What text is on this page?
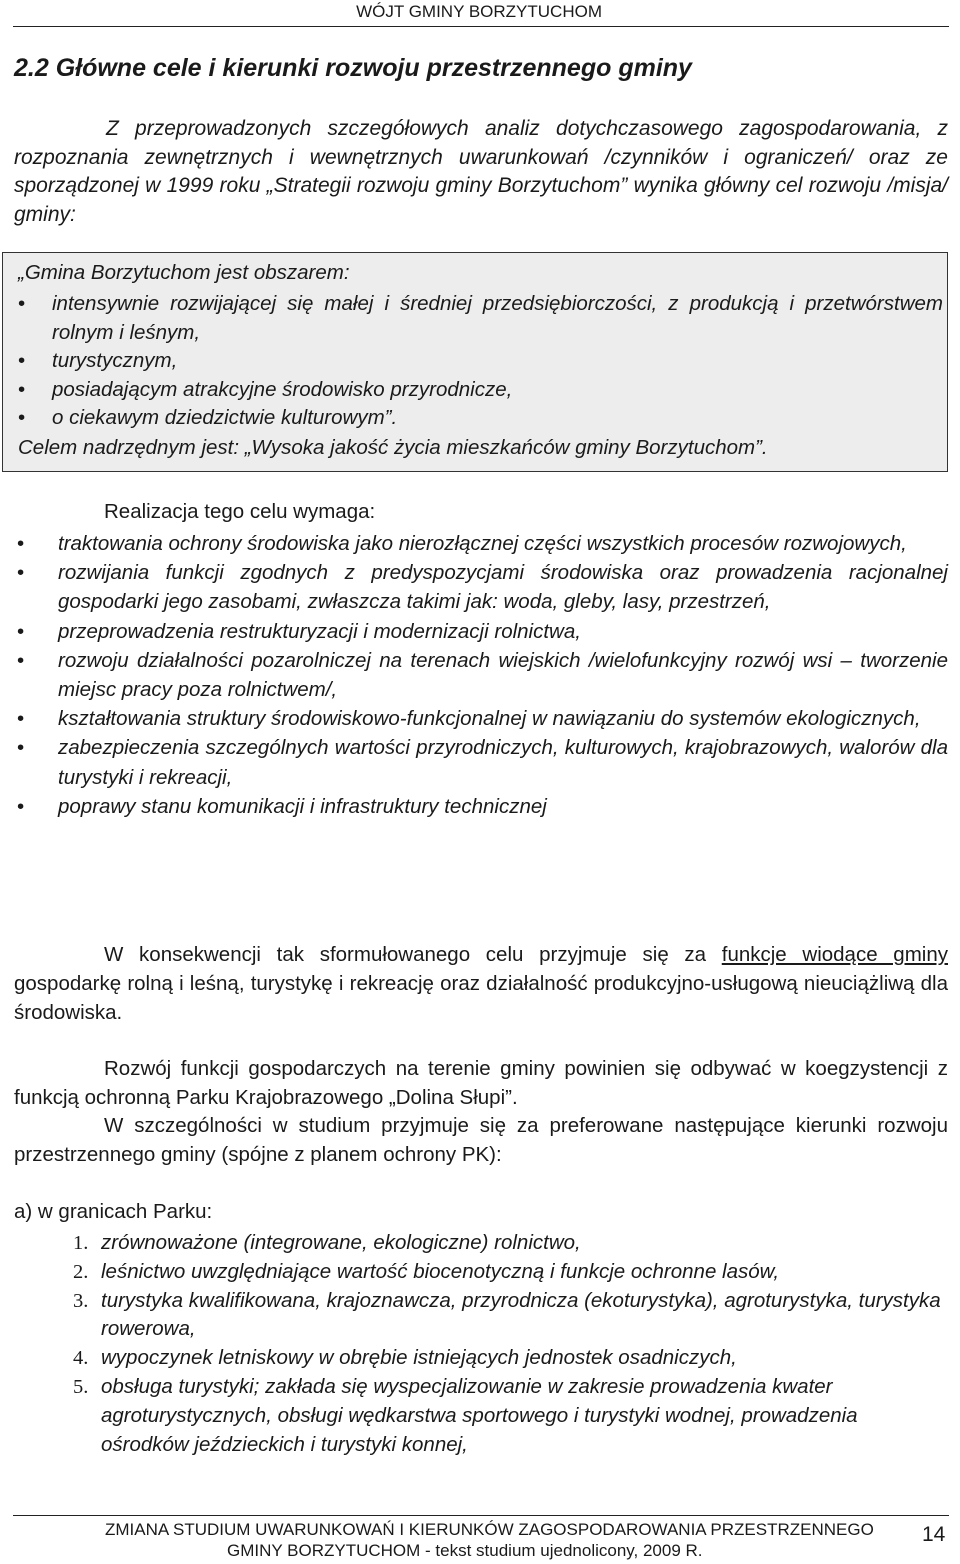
WÓJT GMINY BORZYTUCHOM
2.2 Główne cele i kierunki rozwoju przestrzennego gminy

Z przeprowadzonych szczegółowych analiz dotychczasowego zagospodarowania, z rozpoznania zewnętrznych i wewnętrznych uwarunkowań /czynników i ograniczeń/ oraz ze sporządzonej w 1999 roku „Strategii rozwoju gminy Borzytuchom” wynika główny cel rozwoju /misja/ gminy:

„Gmina Borzytuchom jest obszarem:
• intensywnie rozwijającej się małej i średniej przedsiębiorczości, z produkcją i przetwórstwem rolnym i leśnym,
• turystycznym,
• posiadającym atrakcyjne środowisko przyrodnicze,
• o ciekawym dziedzictwie kulturowym”.
Celem nadrzędnym jest: „Wysoka jakość życia mieszkańców gminy Borzytuchom”.
Realizacja tego celu wymaga:
• traktowania ochrony środowiska jako nierozłącznej części wszystkich procesów rozwojowych,
• rozwijania funkcji zgodnych z predyspozycjami środowiska oraz prowadzenia racjonalnej gospodarki jego zasobami, zwłaszcza takimi jak: woda, gleby, lasy, przestrzeń,
• przeprowadzenia restrukturyzacji i modernizacji rolnictwa,
• rozwoju działalności pozarolniczej na terenach wiejskich /wielofunkcyjny rozwój wsi – tworzenie miejsc pracy poza rolnictwem/,
• kształtowania struktury środowiskowo-funkcjonalnej w nawiązaniu do systemów ekologicznych,
• zabezpieczenia szczególnych wartości przyrodniczych, kulturowych, krajobrazowych, walorów dla turystyki i rekreacji,
• poprawy stanu komunikacji i infrastruktury technicznej

W konsekwencji tak sformułowanego celu przyjmuje się za funkcje wiodące gminy gospodarkę rolną i leśną, turystykę i rekreację oraz działalność produkcyjno-usługową nieuciążliwą dla środowiska.

Rozwój funkcji gospodarczych na terenie gminy powinien się odbywać w koegzystencji z funkcją ochronną Parku Krajobrazowego „Dolina Słupi”.

W szczególności w studium przyjmuje się za preferowane następujące kierunki rozwoju przestrzennego gminy (spójne z planem ochrony PK):

a) w granicach Parku:
1. zrównoważone (integrowane, ekologiczne) rolnictwo,
2. leśnictwo uwzględniające wartość biocenotyczną i funkcje ochronne lasów,
3. turystyka kwalifikowana, krajoznawcza, przyrodnicza (ekoturystyka), agroturystyka, turystyka rowerowa,
4. wypoczynek letniskowy w obrębie istniejących jednostek osadniczych,
5. obsługa turystyki; zakłada się wyspecjalizowanie w zakresie prowadzenia kwater agroturystycznych, obsługi wędkarstwa sportowego i turystyki wodnej, prowadzenia ośrodków jeździeckich i turystyki konnej,
ZMIANA STUDIUM UWARUNKOWAŃ I KIERUNKÓW ZAGOSPODAROWANIA PRZESTRZENNEGO
GMINY BORZYTUCHOM - tekst studium ujednolicony, 2009 R.
14
